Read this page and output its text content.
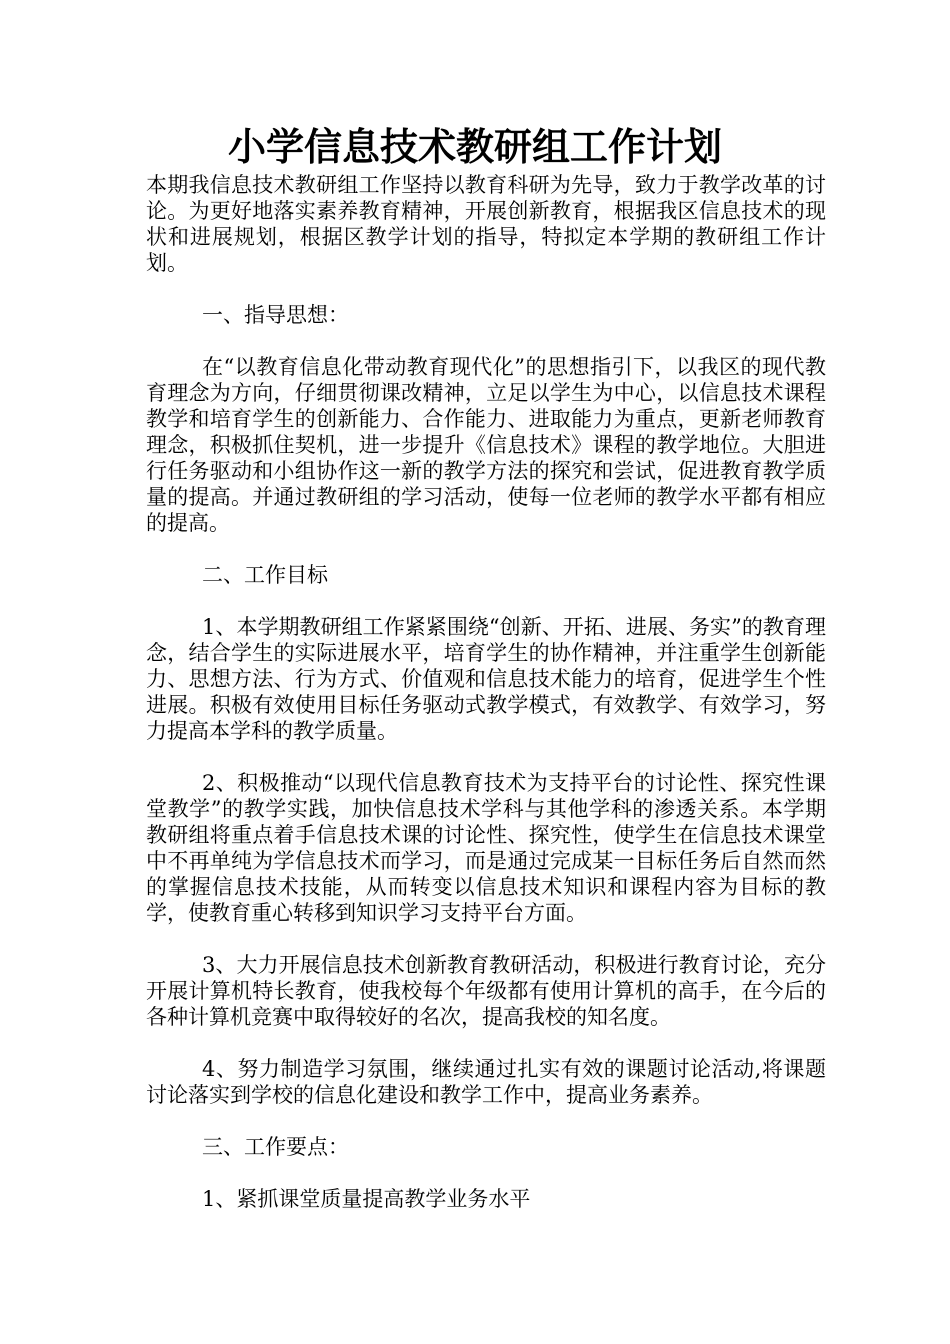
小学信息技术教研组工作计划

本期我信息技术教研组工作坚持以教育科研为先导，致力于教学改革的讨论。为更好地落实素养教育精神，开展创新教育，根据我区信息技术的现状和进展规划，根据区教学计划的指导，特拟定本学期的教研组工作计划。

一、指导思想：

在“以教育信息化带动教育现代化”的思想指引下，以我区的现代教育理念为方向，仔细贯彻课改精神，立足以学生为中心，以信息技术课程教学和培育学生的创新能力、合作能力、进取能力为重点，更新老师教育理念，积极抓住契机，进一步提升《信息技术》课程的教学地位。大胆进行任务驱动和小组协作这一新的教学方法的探究和尝试，促进教育教学质量的提高。并通过教研组的学习活动，使每一位老师的教学水平都有相应的提高。

二、工作目标

1、本学期教研组工作紧紧围绕“创新、开拓、进展、务实”的教育理念，结合学生的实际进展水平，培育学生的协作精神，并注重学生创新能力、思想方法、行为方式、价值观和信息技术能力的培育，促进学生个性进展。积极有效使用目标任务驱动式教学模式，有效教学、有效学习，努力提高本学科的教学质量。

2、积极推动“以现代信息教育技术为支持平台的讨论性、探究性课堂教学”的教学实践，加快信息技术学科与其他学科的渗透关系。本学期教研组将重点着手信息技术课的讨论性、探究性，使学生在信息技术课堂中不再单纯为学信息技术而学习，而是通过完成某一目标任务后自然而然的掌握信息技术技能，从而转变以信息技术知识和课程内容为目标的教学，使教育重心转移到知识学习支持平台方面。

3、大力开展信息技术创新教育教研活动，积极进行教育讨论，充分开展计算机特长教育，使我校每个年级都有使用计算机的高手，在今后的各种计算机竞赛中取得较好的名次，提高我校的知名度。

4、努力制造学习氛围，继续通过扎实有效的课题讨论活动,将课题讨论落实到学校的信息化建设和教学工作中，提高业务素养。

三、工作要点：

1、紧抓课堂质量提高教学业务水平
